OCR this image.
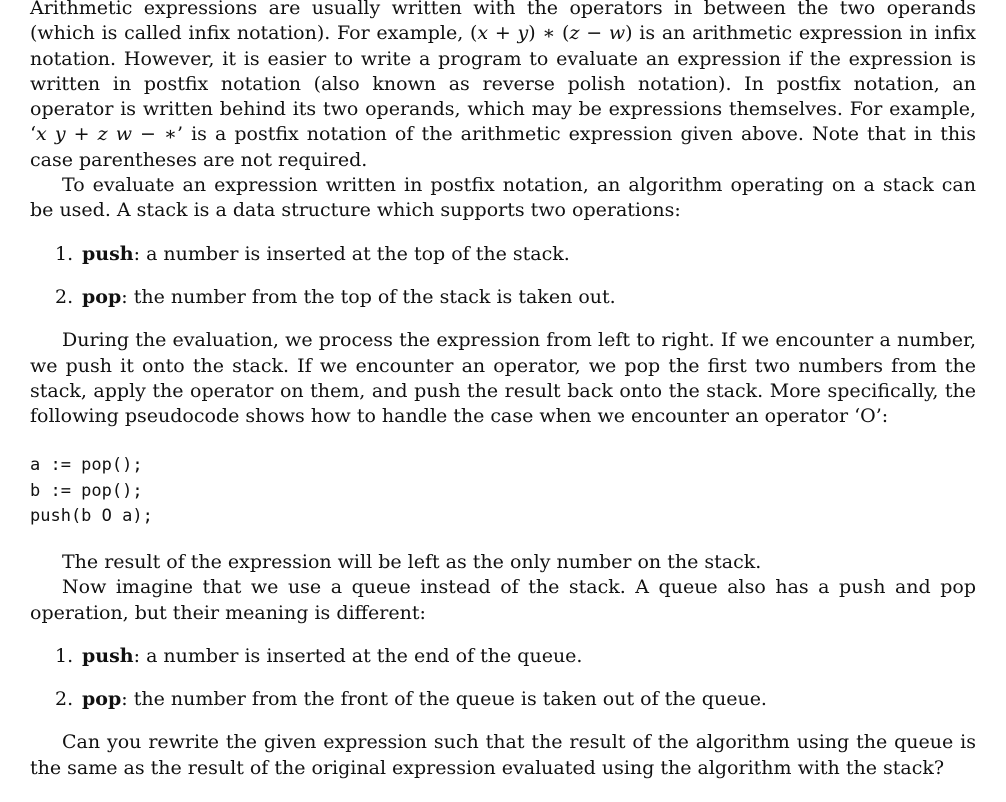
Arithmetic expressions are usually written with the operators in between the two operands (which is called infix notation). For example, (x + y) ∗ (z − w) is an arithmetic expression in infix notation. However, it is easier to write a program to evaluate an expression if the expression is written in postfix notation (also known as reverse polish notation). In postfix notation, an operator is written behind its two operands, which may be expressions themselves. For example, ‘x y + z w − ∗’ is a postfix notation of the arithmetic expression given above. Note that in this case parentheses are not required.

To evaluate an expression written in postfix notation, an algorithm operating on a stack can be used. A stack is a data structure which supports two operations:

1. push: a number is inserted at the top of the stack.
2. pop: the number from the top of the stack is taken out.

During the evaluation, we process the expression from left to right. If we encounter a number, we push it onto the stack. If we encounter an operator, we pop the first two numbers from the stack, apply the operator on them, and push the result back onto the stack. More specifically, the following pseudocode shows how to handle the case when we encounter an operator ‘O’:

a := pop();
b := pop();
push(b O a);

The result of the expression will be left as the only number on the stack.

Now imagine that we use a queue instead of the stack. A queue also has a push and pop operation, but their meaning is different:

1. push: a number is inserted at the end of the queue.
2. pop: the number from the front of the queue is taken out of the queue.

Can you rewrite the given expression such that the result of the algorithm using the queue is the same as the result of the original expression evaluated using the algorithm with the stack?
